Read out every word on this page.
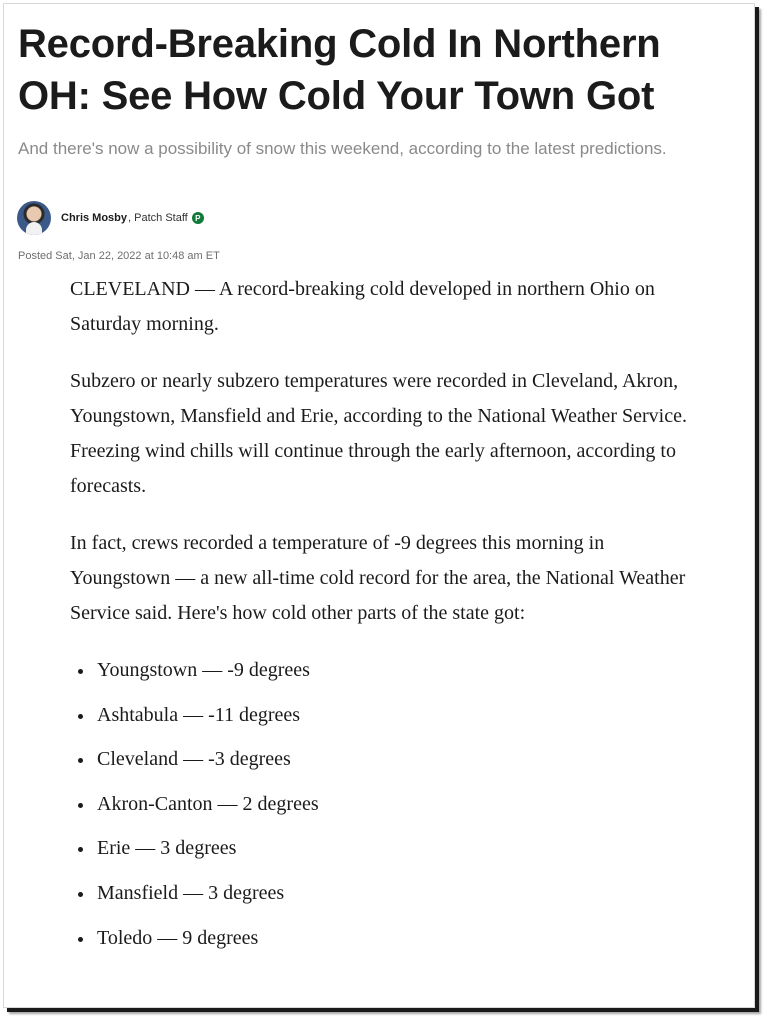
Record-Breaking Cold In Northern OH: See How Cold Your Town Got

And there's now a possibility of snow this weekend, according to the latest predictions.

Chris Mosby , Patch Staff P
Posted Sat, Jan 22, 2022 at 10:48 am ET

CLEVELAND — A record-breaking cold developed in northern Ohio on Saturday morning.

Subzero or nearly subzero temperatures were recorded in Cleveland, Akron, Youngstown, Mansfield and Erie, according to the National Weather Service. Freezing wind chills will continue through the early afternoon, according to forecasts.

In fact, crews recorded a temperature of -9 degrees this morning in Youngstown — a new all-time cold record for the area, the National Weather Service said. Here's how cold other parts of the state got:

Youngstown — -9 degrees
Ashtabula — -11 degrees
Cleveland — -3 degrees
Akron-Canton — 2 degrees
Erie — 3 degrees
Mansfield — 3 degrees
Toledo — 9 degrees
